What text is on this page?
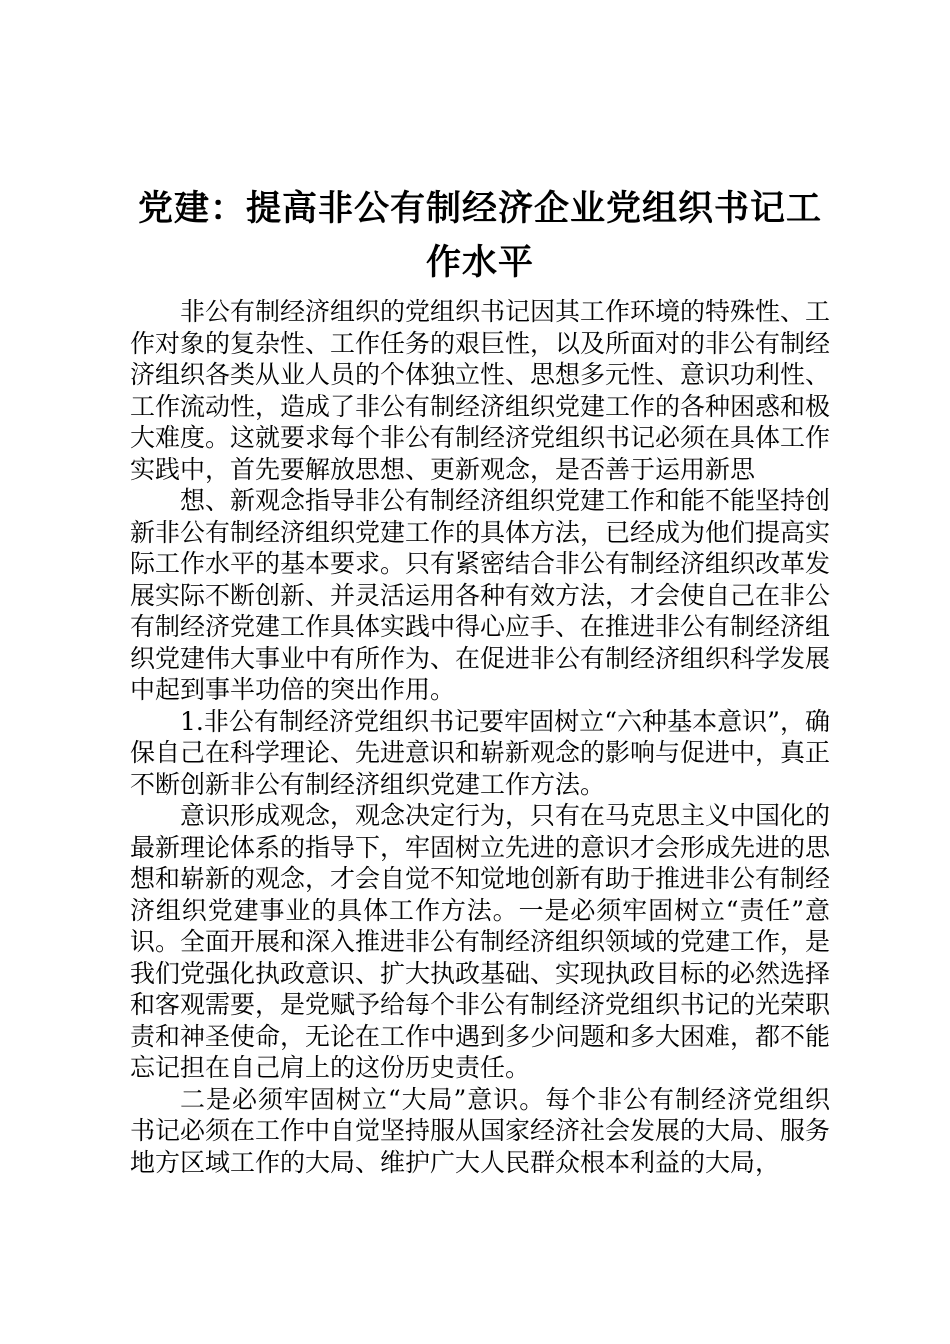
党建：提高非公有制经济企业党组织书记工作水平

非公有制经济组织的党组织书记因其工作环境的特殊性、工作对象的复杂性、工作任务的艰巨性，以及所面对的非公有制经济组织各类从业人员的个体独立性、思想多元性、意识功利性、工作流动性，造成了非公有制经济组织党建工作的各种困惑和极大难度。这就要求每个非公有制经济党组织书记必须在具体工作实践中，首先要解放思想、更新观念，是否善于运用新思

想、新观念指导非公有制经济组织党建工作和能不能坚持创新非公有制经济组织党建工作的具体方法，已经成为他们提高实际工作水平的基本要求。只有紧密结合非公有制经济组织改革发展实际不断创新、并灵活运用各种有效方法，才会使自己在非公有制经济党建工作具体实践中得心应手、在推进非公有制经济组织党建伟大事业中有所作为、在促进非公有制经济组织科学发展中起到事半功倍的突出作用。

1.非公有制经济党组织书记要牢固树立“六种基本意识”，确保自己在科学理论、先进意识和崭新观念的影响与促进中，真正不断创新非公有制经济组织党建工作方法。

意识形成观念，观念决定行为，只有在马克思主义中国化的最新理论体系的指导下，牢固树立先进的意识才会形成先进的思想和崭新的观念，才会自觉不知觉地创新有助于推进非公有制经济组织党建事业的具体工作方法。一是必须牢固树立“责任”意识。全面开展和深入推进非公有制经济组织领域的党建工作，是我们党强化执政意识、扩大执政基础、实现执政目标的必然选择和客观需要，是党赋予给每个非公有制经济党组织书记的光荣职责和神圣使命，无论在工作中遇到多少问题和多大困难，都不能忘记担在自己肩上的这份历史责任。

二是必须牢固树立“大局”意识。每个非公有制经济党组织书记必须在工作中自觉坚持服从国家经济社会发展的大局、服务地方区域工作的大局、维护广大人民群众根本利益的大局，
